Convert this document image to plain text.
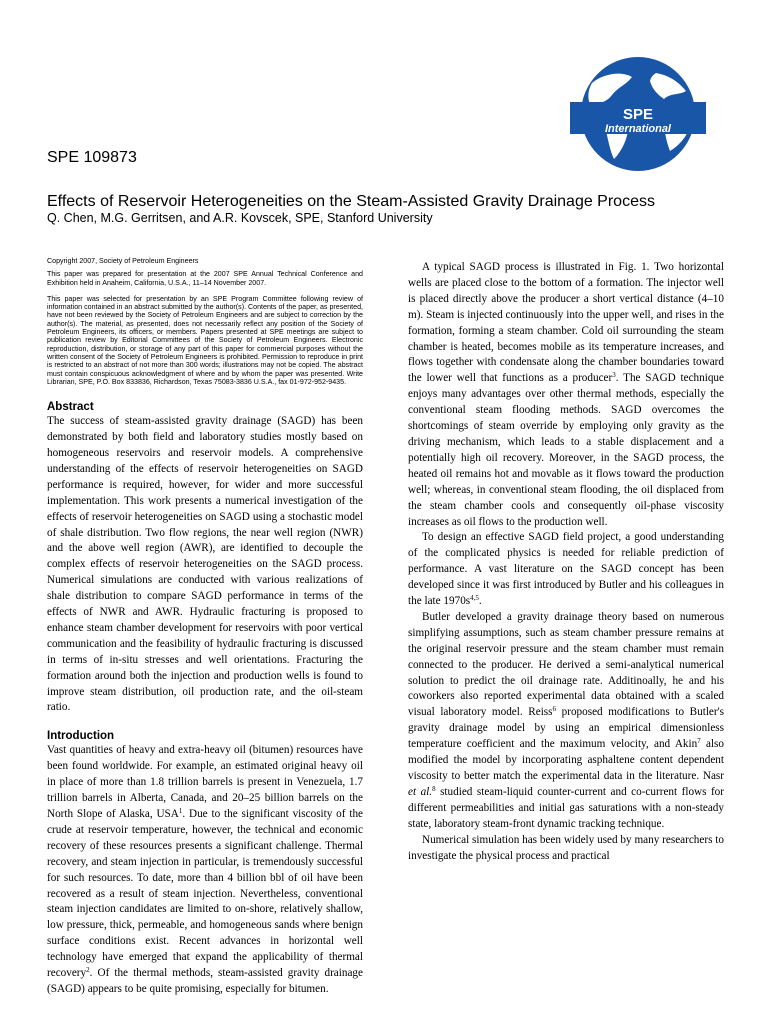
SPE
International
SPE 109873
Effects of Reservoir Heterogeneities on the Steam-Assisted Gravity Drainage Process
Q. Chen, M.G. Gerritsen, and A.R. Kovscek, SPE, Stanford University

Copyright 2007, Society of Petroleum Engineers

This paper was prepared for presentation at the 2007 SPE Annual Technical Conference and Exhibition held in Anaheim, California, U.S.A., 11–14 November 2007.

This paper was selected for presentation by an SPE Program Committee following review of information contained in an abstract submitted by the author(s). Contents of the paper, as presented, have not been reviewed by the Society of Petroleum Engineers and are subject to correction by the author(s). The material, as presented, does not necessarily reflect any position of the Society of Petroleum Engineers, its officers, or members. Papers presented at SPE meetings are subject to publication review by Editorial Committees of the Society of Petroleum Engineers. Electronic reproduction, distribution, or storage of any part of this paper for commercial purposes without the written consent of the Society of Petroleum Engineers is prohibited. Permission to reproduce in print is restricted to an abstract of not more than 300 words; illustrations may not be copied. The abstract must contain conspicuous acknowledgment of where and by whom the paper was presented. Write Librarian, SPE, P.O. Box 833836, Richardson, Texas 75083-3836 U.S.A., fax 01-972-952-9435.

Abstract

The success of steam-assisted gravity drainage (SAGD) has been demonstrated by both field and laboratory studies mostly based on homogeneous reservoirs and reservoir models. A comprehensive understanding of the effects of reservoir heterogeneities on SAGD performance is required, however, for wider and more successful implementation. This work presents a numerical investigation of the effects of reservoir heterogeneities on SAGD using a stochastic model of shale distribution. Two flow regions, the near well region (NWR) and the above well region (AWR), are identified to decouple the complex effects of reservoir heterogeneities on the SAGD process. Numerical simulations are conducted with various realizations of shale distribution to compare SAGD performance in terms of the effects of NWR and AWR. Hydraulic fracturing is proposed to enhance steam chamber development for reservoirs with poor vertical communication and the feasibility of hydraulic fracturing is discussed in terms of in-situ stresses and well orientations. Fracturing the formation around both the injection and production wells is found to improve steam distribution, oil production rate, and the oil-steam ratio.

Introduction

Vast quantities of heavy and extra-heavy oil (bitumen) resources have been found worldwide. For example, an estimated original heavy oil in place of more than 1.8 trillion barrels is present in Venezuela, 1.7 trillion barrels in Alberta, Canada, and 20–25 billion barrels on the North Slope of Alaska, USA$^1$. Due to the significant viscosity of the crude at reservoir temperature, however, the technical and economic recovery of these resources presents a significant challenge. Thermal recovery, and steam injection in particular, is tremendously successful for such resources. To date, more than 4 billion bbl of oil have been recovered as a result of steam injection. Nevertheless, conventional steam injection candidates are limited to on-shore, relatively shallow, low pressure, thick, permeable, and homogeneous sands where benign surface conditions exist. Recent advances in horizontal well technology have emerged that expand the applicability of thermal recovery$^2$. Of the thermal methods, steam-assisted gravity drainage (SAGD) appears to be quite promising, especially for bitumen.

A typical SAGD process is illustrated in Fig. 1. Two horizontal wells are placed close to the bottom of a formation. The injector well is placed directly above the producer a short vertical distance (4–10 m). Steam is injected continuously into the upper well, and rises in the formation, forming a steam chamber. Cold oil surrounding the steam chamber is heated, becomes mobile as its temperature increases, and flows together with condensate along the chamber boundaries toward the lower well that functions as a producer$^3$. The SAGD technique enjoys many advantages over other thermal methods, especially the conventional steam flooding methods. SAGD overcomes the shortcomings of steam override by employing only gravity as the driving mechanism, which leads to a stable displacement and a potentially high oil recovery. Moreover, in the SAGD process, the heated oil remains hot and movable as it flows toward the production well; whereas, in conventional steam flooding, the oil displaced from the steam chamber cools and consequently oil-phase viscosity increases as oil flows to the production well.

To design an effective SAGD field project, a good understanding of the complicated physics is needed for reliable prediction of performance. A vast literature on the SAGD concept has been developed since it was first introduced by Butler and his colleagues in the late $1970s^{4,5}$.

Butler developed a gravity drainage theory based on numerous simplifying assumptions, such as steam chamber pressure remains at the original reservoir pressure and the steam chamber must remain connected to the producer. He derived a semi-analytical numerical solution to predict the oil drainage rate. Additinoally, he and his coworkers also reported experimental data obtained with a scaled visual laboratory model. Reiss$^6$ proposed modifications to Butler's gravity drainage model by using an empirical dimensionless temperature coefficient and the maximum velocity, and Akin$^7$ also modified the model by incorporating asphaltene content dependent viscosity to better match the experimental data in the literature. Nasr et al.$^8$ studied steam-liquid counter-current and co-current flows for different permeabilities and initial gas saturations with a non-steady state, laboratory steam-front dynamic tracking technique.

Numerical simulation has been widely used by many researchers to investigate the physical process and practical
